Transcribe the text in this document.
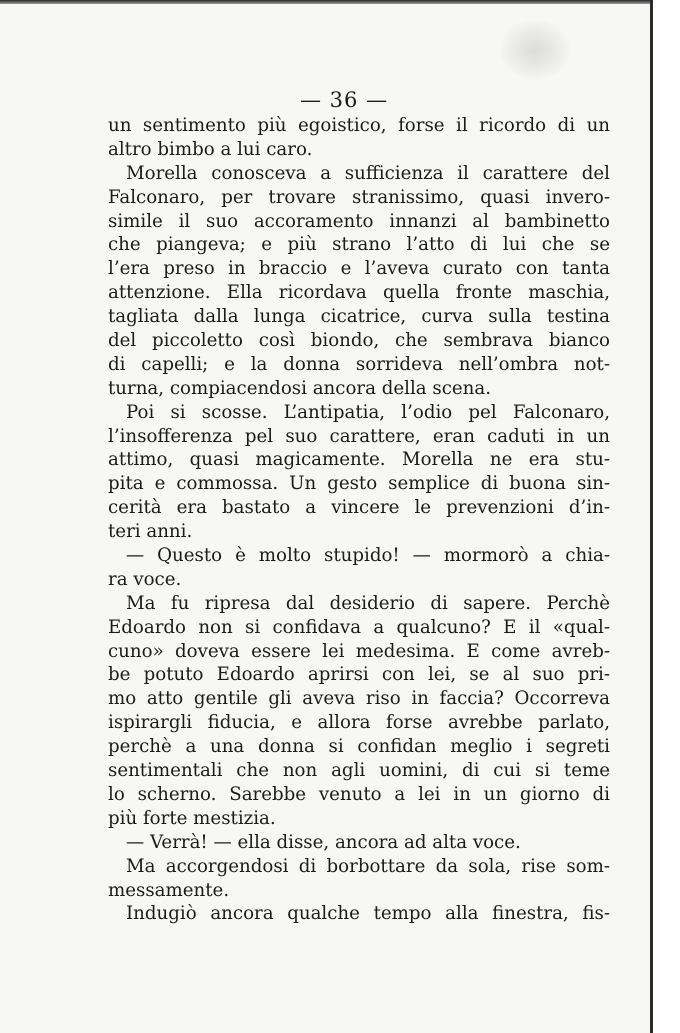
— 36 —
un sentimento più egoistico, forse il ricordo di un
altro bimbo a lui caro.
Morella conosceva a sufficienza il carattere del
Falconaro, per trovare stranissimo, quasi invero-
simile il suo accoramento innanzi al bambinetto
che piangeva; e più strano l’atto di lui che se
l’era preso in braccio e l’aveva curato con tanta
attenzione. Ella ricordava quella fronte maschia,
tagliata dalla lunga cicatrice, curva sulla testina
del piccoletto così biondo, che sembrava bianco
di capelli; e la donna sorrideva nell’ombra not-
turna, compiacendosi ancora della scena.
Poi si scosse. L’antipatia, l’odio pel Falconaro,
l’insofferenza pel suo carattere, eran caduti in un
attimo, quasi magicamente. Morella ne era stu-
pita e commossa. Un gesto semplice di buona sin-
cerità era bastato a vincere le prevenzioni d’in-
teri anni.
— Questo è molto stupido! — mormorò a chia-
ra voce.
Ma fu ripresa dal desiderio di sapere. Perchè
Edoardo non si confidava a qualcuno? E il «qual-
cuno» doveva essere lei medesima. E come avreb-
be potuto Edoardo aprirsi con lei, se al suo pri-
mo atto gentile gli aveva riso in faccia? Occorreva
ispirargli fiducia, e allora forse avrebbe parlato,
perchè a una donna si confidan meglio i segreti
sentimentali che non agli uomini, di cui si teme
lo scherno. Sarebbe venuto a lei in un giorno di
più forte mestizia.
— Verrà! — ella disse, ancora ad alta voce.
Ma accorgendosi di borbottare da sola, rise som-
messamente.
Indugiò ancora qualche tempo alla finestra, fis-
